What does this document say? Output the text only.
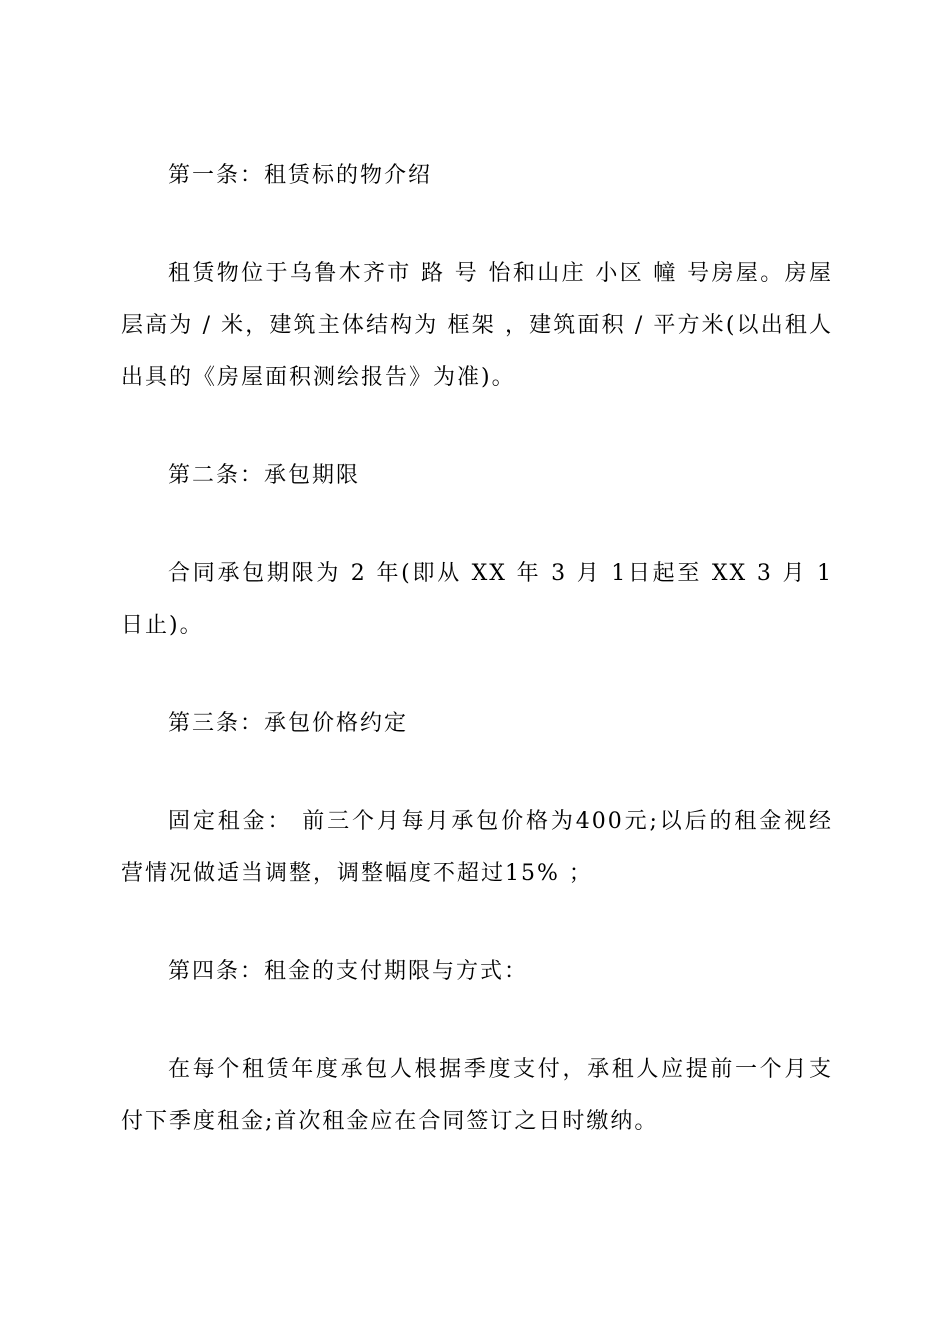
第一条：租赁标的物介绍

租赁物位于乌鲁木齐市 路 号 怡和山庄 小区 幢 号房屋。房屋层高为 / 米，建筑主体结构为 框架 ，建筑面积 / 平方米(以出租人出具的《房屋面积测绘报告》为准)。

第二条：承包期限

合同承包期限为 2 年(即从 XX 年 3 月 1日起至 XX 3 月 1日止)。

第三条：承包价格约定

固定租金： 前三个月每月承包价格为400元;以后的租金视经营情况做适当调整，调整幅度不超过15% ；

第四条：租金的支付期限与方式：

在每个租赁年度承包人根据季度支付，承租人应提前一个月支付下季度租金;首次租金应在合同签订之日时缴纳。
